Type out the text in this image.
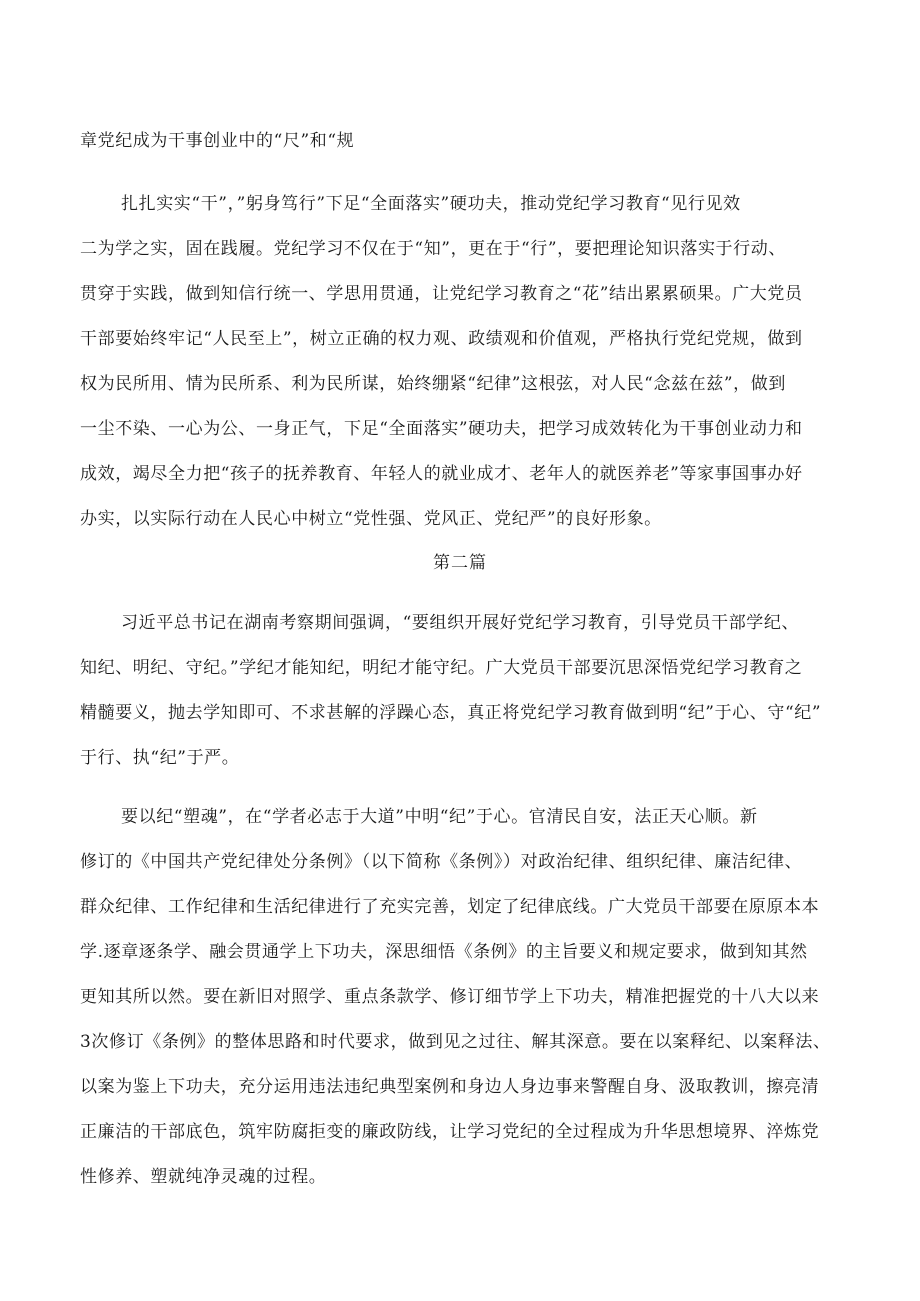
章党纪成为干事创业中的“尺”和“规
扎扎实实“干”，”躬身笃行”下足“全面落实”硬功夫，推动党纪学习教育“见行见效
二为学之实，固在践履。党纪学习不仅在于“知”，更在于“行”，要把理论知识落实于行动、
贯穿于实践，做到知信行统一、学思用贯通，让党纪学习教育之“花”结出累累硕果。广大党员
干部要始终牢记“人民至上”，树立正确的权力观、政绩观和价值观，严格执行党纪党规，做到
权为民所用、情为民所系、利为民所谋，始终绷紧“纪律”这根弦，对人民“念兹在兹”，做到
一尘不染、一心为公、一身正气，下足“全面落实”硬功夫，把学习成效转化为干事创业动力和
成效，竭尽全力把“孩子的抚养教育、年轻人的就业成才、老年人的就医养老”等家事国事办好
办实，以实际行动在人民心中树立“党性强、党风正、党纪严”的良好形象。
第二篇
习近平总书记在湖南考察期间强调，“要组织开展好党纪学习教育，引导党员干部学纪、
知纪、明纪、守纪。”学纪才能知纪，明纪才能守纪。广大党员干部要沉思深悟党纪学习教育之
精髓要义，抛去学知即可、不求甚解的浮躁心态，真正将党纪学习教育做到明“纪”于心、守“纪”
于行、执“纪”于严。
要以纪“塑魂”，在“学者必志于大道”中明“纪”于心。官清民自安，法正天心顺。新
修订的《中国共产党纪律处分条例》（以下简称《条例》）对政治纪律、组织纪律、廉洁纪律、
群众纪律、工作纪律和生活纪律进行了充实完善，划定了纪律底线。广大党员干部要在原原本本
学.逐章逐条学、融会贯通学上下功夫，深思细悟《条例》的主旨要义和规定要求，做到知其然
更知其所以然。要在新旧对照学、重点条款学、修订细节学上下功夫，精准把握党的十八大以来
3次修订《条例》的整体思路和时代要求，做到见之过往、解其深意。要在以案释纪、以案释法、
以案为鉴上下功夫，充分运用违法违纪典型案例和身边人身边事来警醒自身、汲取教训，擦亮清
正廉洁的干部底色，筑牢防腐拒变的廉政防线，让学习党纪的全过程成为升华思想境界、淬炼党
性修养、塑就纯净灵魂的过程。
